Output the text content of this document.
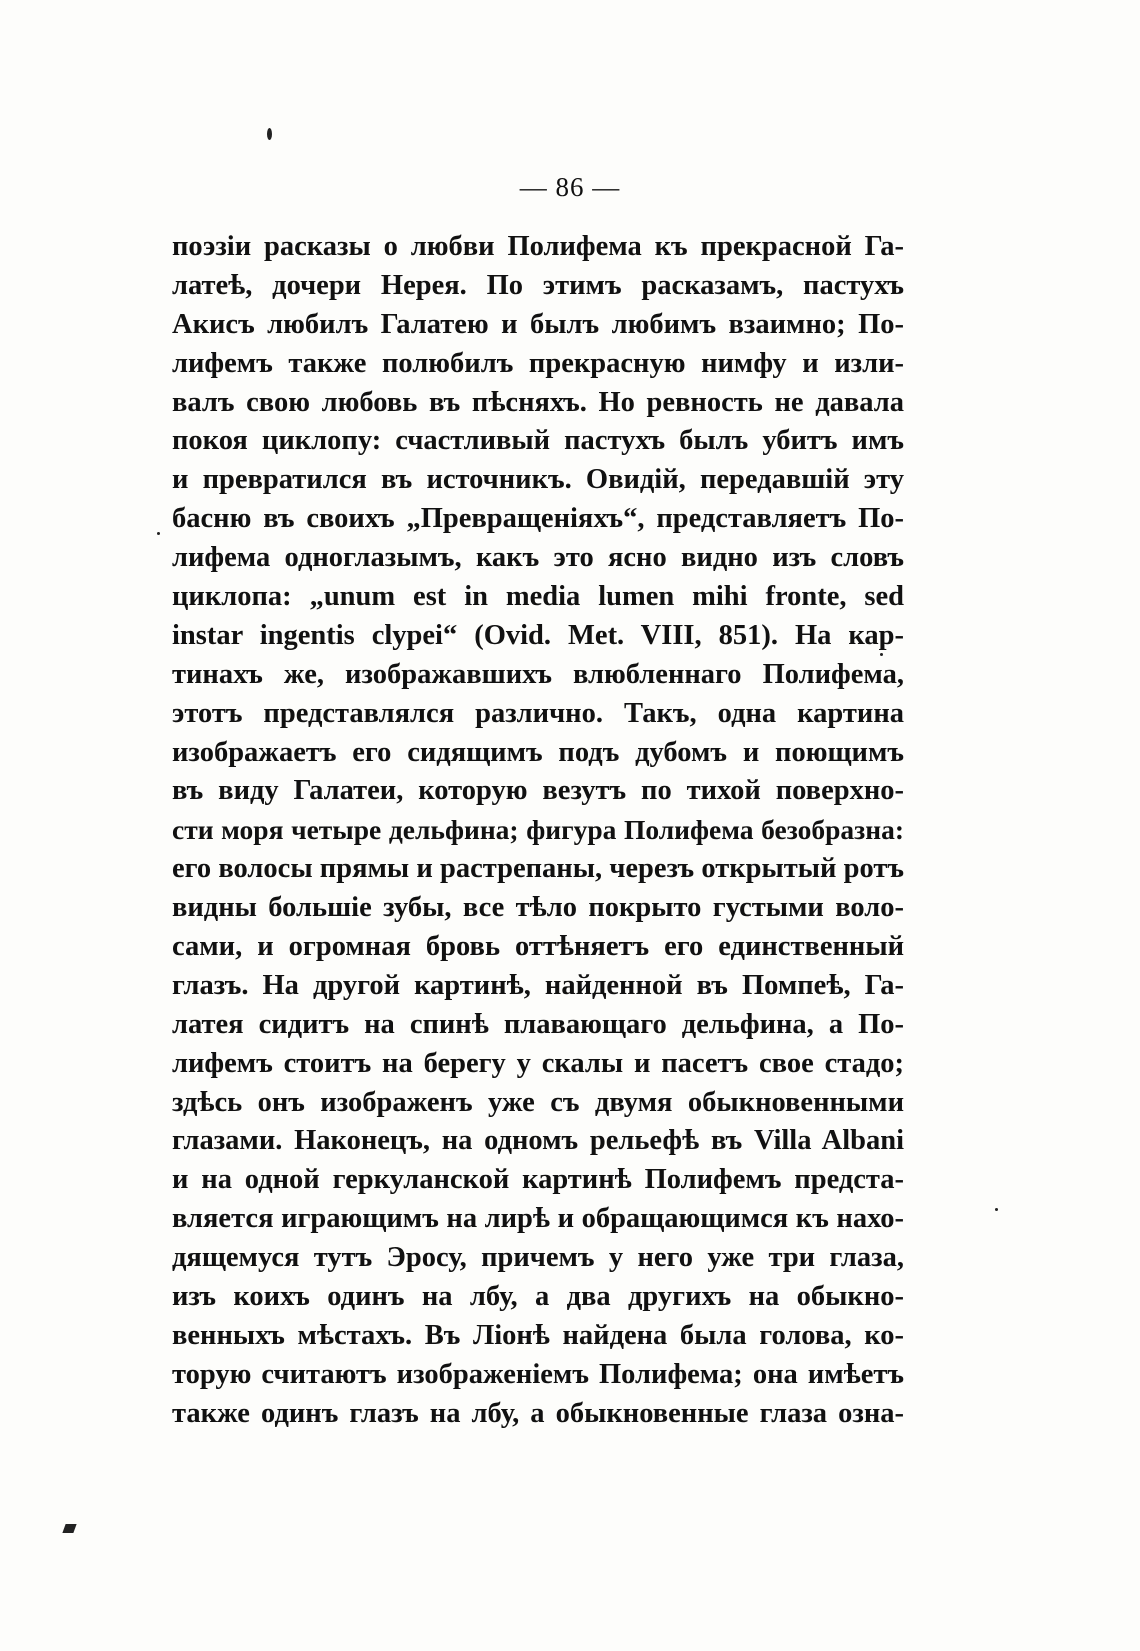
— 86 —
поэзіи расказы о любви Полифема къ прекрасной Га-
латеѣ, дочери Нерея. По этимъ расказамъ, пастухъ
Акисъ любилъ Галатею и былъ любимъ взаимно; По-
лифемъ также полюбилъ прекрасную нимфу и изли-
валъ свою любовь въ пѣсняхъ. Но ревность не давала
покоя циклопу: счастливый пастухъ былъ убитъ имъ
и превратился въ источникъ. Овидій, передавшій эту
басню въ своихъ „Превращеніяхъ“, представляетъ По-
лифема одноглазымъ, какъ это ясно видно изъ словъ
циклопа: „unum est in media lumen mihi fronte, sed
instar ingentis clypei“ (Ovid. Met. VIII, 851). На кар-
тинахъ же, изображавшихъ влюбленнаго Полифема,
этотъ представлялся различно. Такъ, одна картина
изображаетъ его сидящимъ подъ дубомъ и поющимъ
въ виду Галатеи, которую везутъ по тихой поверхно-
сти моря четыре дельфина; фигура Полифема безобразна:
его волосы прямы и растрепаны, черезъ открытый ротъ
видны большіе зубы, все тѣло покрыто густыми воло-
сами, и огромная бровь оттѣняетъ его единственный
глазъ. На другой картинѣ, найденной въ Помпеѣ, Га-
латея сидитъ на спинѣ плавающаго дельфина, а По-
лифемъ стоитъ на берегу у скалы и пасетъ свое стадо;
здѣсь онъ изображенъ уже съ двумя обыкновенными
глазами. Наконецъ, на одномъ рельефѣ въ Villa Albani
и на одной геркуланской картинѣ Полифемъ предста-
вляется играющимъ на лирѣ и обращающимся къ нахо-
дящемуся тутъ Эросу, причемъ у него уже три глаза,
изъ коихъ одинъ на лбу, а два другихъ на обыкно-
венныхъ мѣстахъ. Въ Ліонѣ найдена была голова, ко-
торую считаютъ изображеніемъ Полифема; она имѣетъ
также одинъ глазъ на лбу, а обыкновенные глаза озна-
